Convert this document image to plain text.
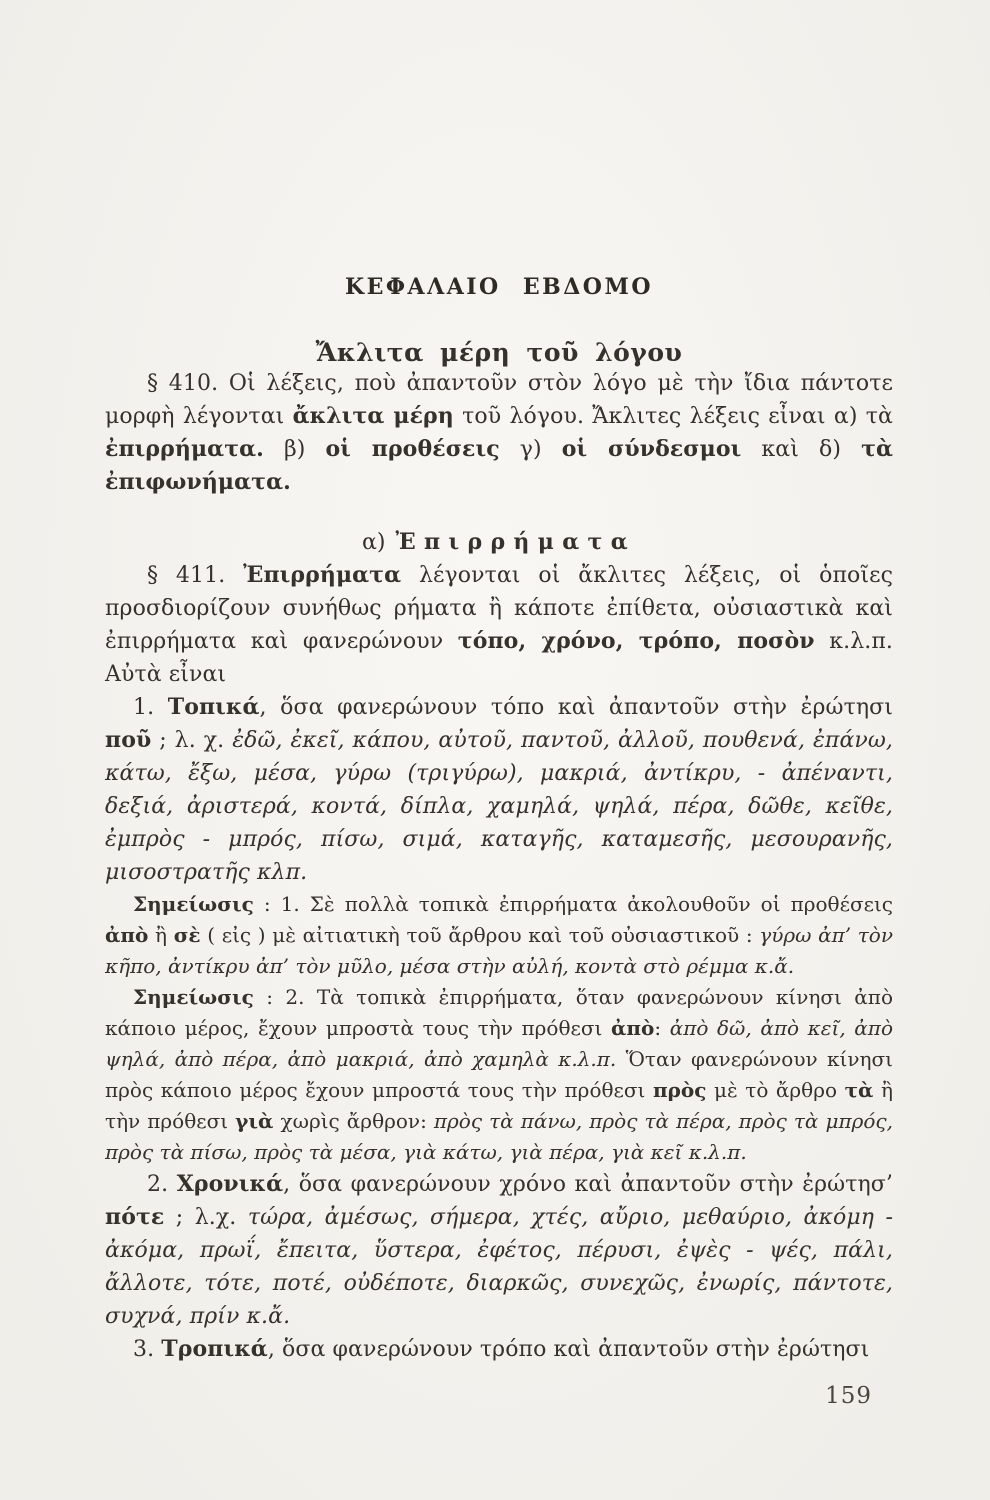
ΚΕΦΑΛΑΙΟ ΕΒΔΟΜΟ
Ἄκλιτα μέρη τοῦ λόγου

§ 410. Οἱ λέξεις, ποὺ ἀπαντοῦν στὸν λόγο μὲ τὴν ἴδια πάντοτε μορφὴ λέγονται ἄκλιτα μέρη τοῦ λόγου. Ἄκλιτες λέξεις εἶναι α) τὰ ἐπιρρήματα. β) οἱ προθέσεις γ) οἱ σύνδεσμοι καὶ δ) τὰ ἐπιφωνήματα.

α) Ἐπιρρήματα

§ 411. Ἐπιρρήματα λέγονται οἱ ἄκλιτες λέξεις, οἱ ὁποῖες προσδιορίζουν συνήθως ρήματα ἢ κάποτε ἐπίθετα, οὐσιαστικὰ καὶ ἐπιρρήματα καὶ φανερώνουν τόπο, χρόνο, τρόπο, ποσὸν κ.λ.π. Αὐτὰ εἶναι

1. Τοπικά, ὅσα φανερώνουν τόπο καὶ ἀπαντοῦν στὴν ἐρώτησι ποῦ ; λ. χ. ἐδῶ, ἐκεῖ, κάπου, αὐτοῦ, παντοῦ, ἀλλοῦ, πουθενά, ἐπάνω, κάτω, ἔξω, μέσα, γύρω (τριγύρω), μακριά, ἀντίκρυ, - ἀπέναντι, δεξιά, ἀριστερά, κοντά, δίπλα, χαμηλά, ψηλά, πέρα, δῶθε, κεῖθε, ἐμπρὸς - μπρός, πίσω, σιμά, καταγῆς, καταμεσῆς, μεσουρανῆς, μισοστρατῆς κλπ.

Σημείωσις : 1. Σὲ πολλὰ τοπικὰ ἐπιρρήματα ἀκολουθοῦν οἱ προθέσεις ἀπὸ ἢ σὲ ( εἰς ) μὲ αἰτιατικὴ τοῦ ἄρθρου καὶ τοῦ οὐσιαστικοῦ : γύρω ἀπ’ τὸν κῆπο, ἀντίκρυ ἀπ’ τὸν μῦλο, μέσα στὴν αὐλή, κοντὰ στὸ ρέμμα κ.ἄ.

Σημείωσις : 2. Τὰ τοπικὰ ἐπιρρήματα, ὅταν φανερώνουν κίνησι ἀπὸ κάποιο μέρος, ἔχουν μπροστὰ τους τὴν πρόθεσι ἀπὸ: ἀπὸ δῶ, ἀπὸ κεῖ, ἀπὸ ψηλά, ἀπὸ πέρα, ἀπὸ μακριά, ἀπὸ χαμηλὰ κ.λ.π. Ὅταν φανερώνουν κίνησι πρὸς κάποιο μέρος ἔχουν μπροστά τους τὴν πρόθεσι πρὸς μὲ τὸ ἄρθρο τὰ ἢ τὴν πρόθεσι γιὰ χωρὶς ἄρθρον: πρὸς τὰ πάνω, πρὸς τὰ πέρα, πρὸς τὰ μπρός, πρὸς τὰ πίσω, πρὸς τὰ μέσα, γιὰ κάτω, γιὰ πέρα, γιὰ κεῖ κ.λ.π.

2. Χρονικά, ὅσα φανερώνουν χρόνο καὶ ἀπαντοῦν στὴν ἐρώτησ’ πότε ; λ.χ. τώρα, ἀμέσως, σήμερα, χτές, αὔριο, μεθαύριο, ἀκόμη - ἀκόμα, πρωΐ, ἔπειτα, ὕστερα, ἐφέτος, πέρυσι, ἐψὲς - ψές, πάλι, ἄλλοτε, τότε, ποτέ, οὐδέποτε, διαρκῶς, συνεχῶς, ἐνωρίς, πάντοτε, συχνά, πρίν κ.ἄ.

3. Τροπικά, ὅσα φανερώνουν τρόπο καὶ ἀπαντοῦν στὴν ἐρώτησι

159
